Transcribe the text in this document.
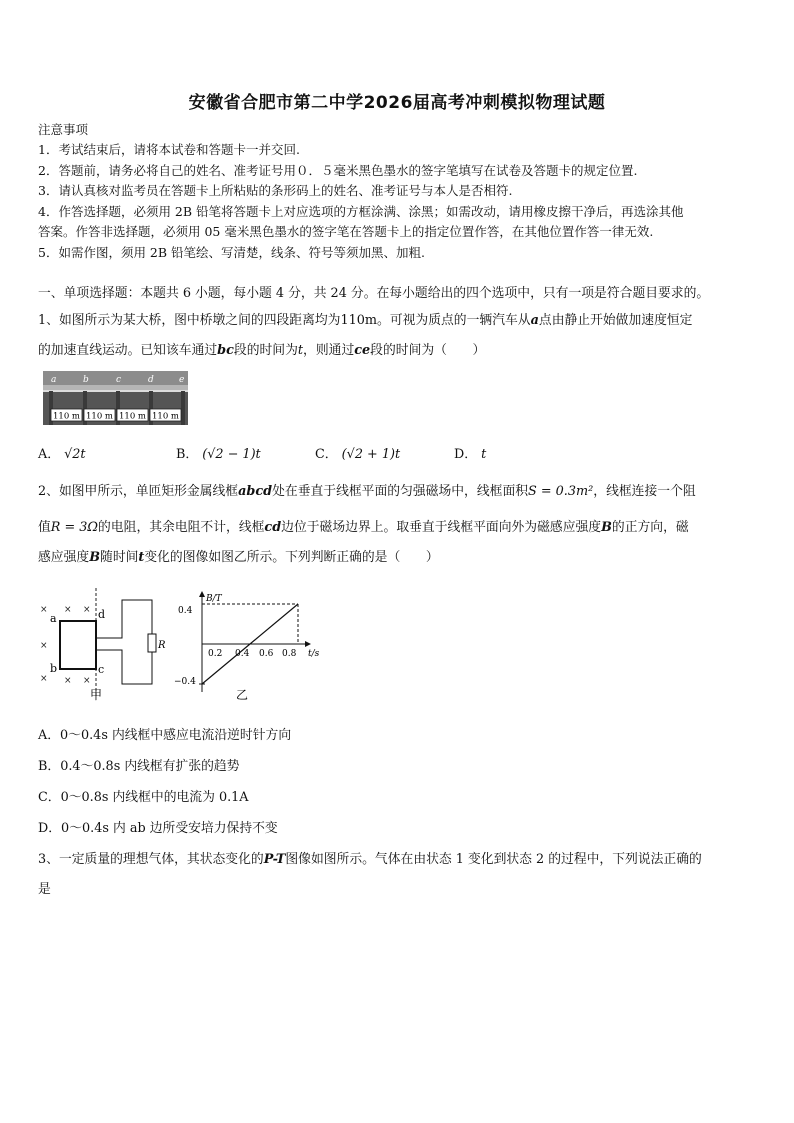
安徽省合肥市第二中学2026届高考冲刺模拟物理试题
注意事项
1．考试结束后，请将本试卷和答题卡一并交回.
2．答题前，请务必将自己的姓名、准考证号用０．５毫米黑色墨水的签字笔填写在试卷及答题卡的规定位置.
3．请认真核对监考员在答题卡上所粘贴的条形码上的姓名、准考证号与本人是否相符.
4．作答选择题，必须用 2B 铅笔将答题卡上对应选项的方框涂满、涂黑；如需改动，请用橡皮擦干净后，再选涂其他
答案。作答非选择题，必须用 05 毫米黑色墨水的签字笔在答题卡上的指定位置作答，在其他位置作答一律无效.
5．如需作图，须用 2B 铅笔绘、写清楚，线条、符号等须加黑、加粗.
一、单项选择题：本题共 6 小题，每小题 4 分，共 24 分。在每小题给出的四个选项中，只有一项是符合题目要求的。
1、如图所示为某大桥，图中桥墩之间的四段距离均为110m。可视为质点的一辆汽车从a点由静止开始做加速度恒定
的加速直线运动。已知该车通过bc段的时间为t，则通过ce段的时间为（　　）
a	b	c	d	e
110 m 110 m 110 m 110 m
A． √2t	B． (√2 − 1)t	C． (√2 + 1)t	D． t
2、如图甲所示，单匝矩形金属线框abcd处在垂直于线框平面的匀强磁场中，线框面积S = 0.3m²，线框连接一个阻
值R = 3Ω的电阻，其余电阻不计，线框cd边位于磁场边界上。取垂直于线框平面向外为磁感应强度B的正方向，磁
感应强度B随时间t变化的图像如图乙所示。下列判断正确的是（　　）
× × ×
×
× × ×
a
b	c
d
R
甲
B/T
t/s
0.4
−0.4
0.2 0.4 0.6 0.8
乙
A．0～0.4s 内线框中感应电流沿逆时针方向
B．0.4～0.8s 内线框有扩张的趋势
C．0～0.8s 内线框中的电流为 0.1A
D．0～0.4s 内 ab 边所受安培力保持不变
3、一定质量的理想气体，其状态变化的P-T图像如图所示。气体在由状态 1 变化到状态 2 的过程中，下列说法正确的
是
